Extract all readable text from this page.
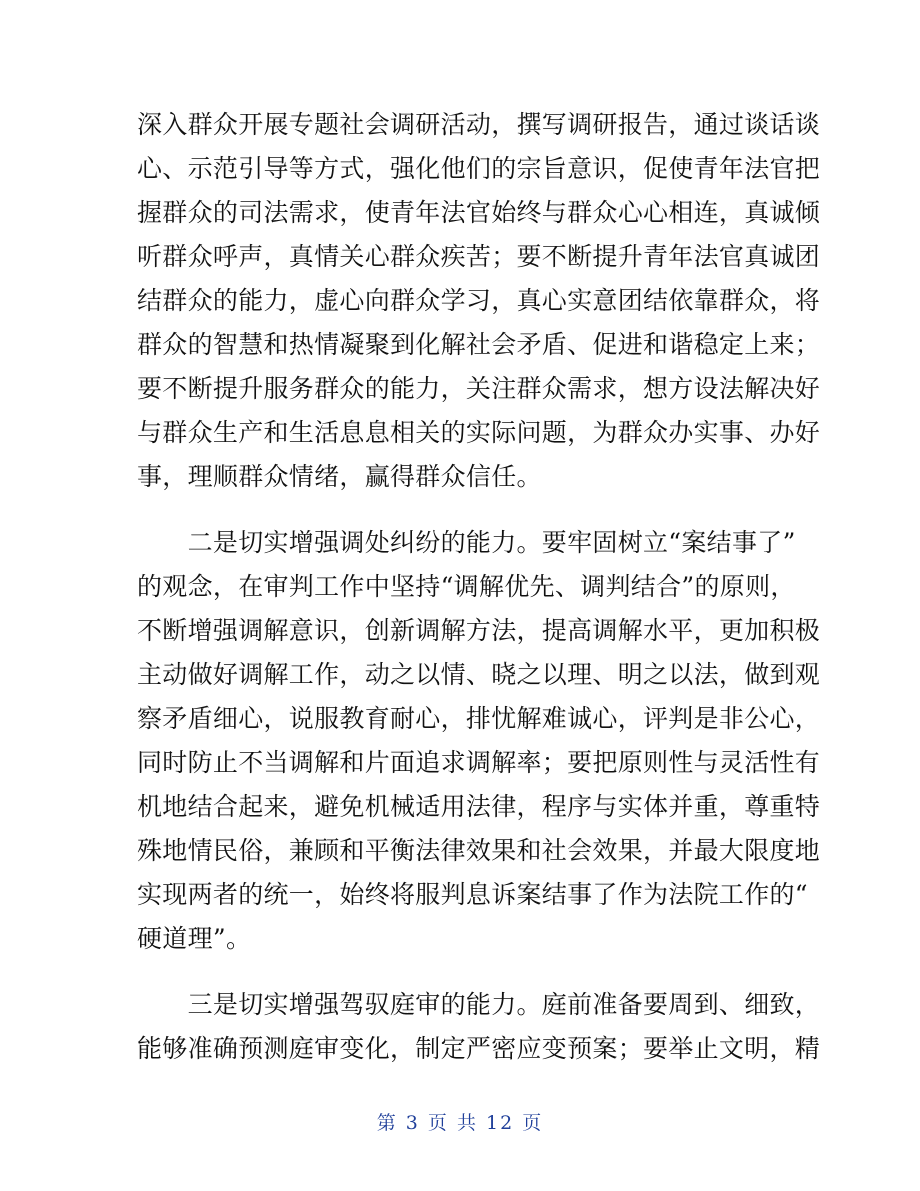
深入群众开展专题社会调研活动，撰写调研报告，通过谈话谈
心、示范引导等方式，强化他们的宗旨意识，促使青年法官把
握群众的司法需求，使青年法官始终与群众心心相连，真诚倾
听群众呼声，真情关心群众疾苦；要不断提升青年法官真诚团
结群众的能力，虚心向群众学习，真心实意团结依靠群众，将
群众的智慧和热情凝聚到化解社会矛盾、促进和谐稳定上来；
要不断提升服务群众的能力，关注群众需求，想方设法解决好
与群众生产和生活息息相关的实际问题，为群众办实事、办好
事，理顺群众情绪，赢得群众信任。
　　二是切实增强调处纠纷的能力。要牢固树立“案结事了”
的观念，在审判工作中坚持“调解优先、调判结合”的原则，
不断增强调解意识，创新调解方法，提高调解水平，更加积极
主动做好调解工作，动之以情、晓之以理、明之以法，做到观
察矛盾细心，说服教育耐心，排忧解难诚心，评判是非公心，
同时防止不当调解和片面追求调解率；要把原则性与灵活性有
机地结合起来，避免机械适用法律，程序与实体并重，尊重特
殊地情民俗，兼顾和平衡法律效果和社会效果，并最大限度地
实现两者的统一，始终将服判息诉案结事了作为法院工作的“
硬道理”。
　　三是切实增强驾驭庭审的能力。庭前准备要周到、细致，
能够准确预测庭审变化，制定严密应变预案；要举止文明，精
第 3 页 共 12 页
